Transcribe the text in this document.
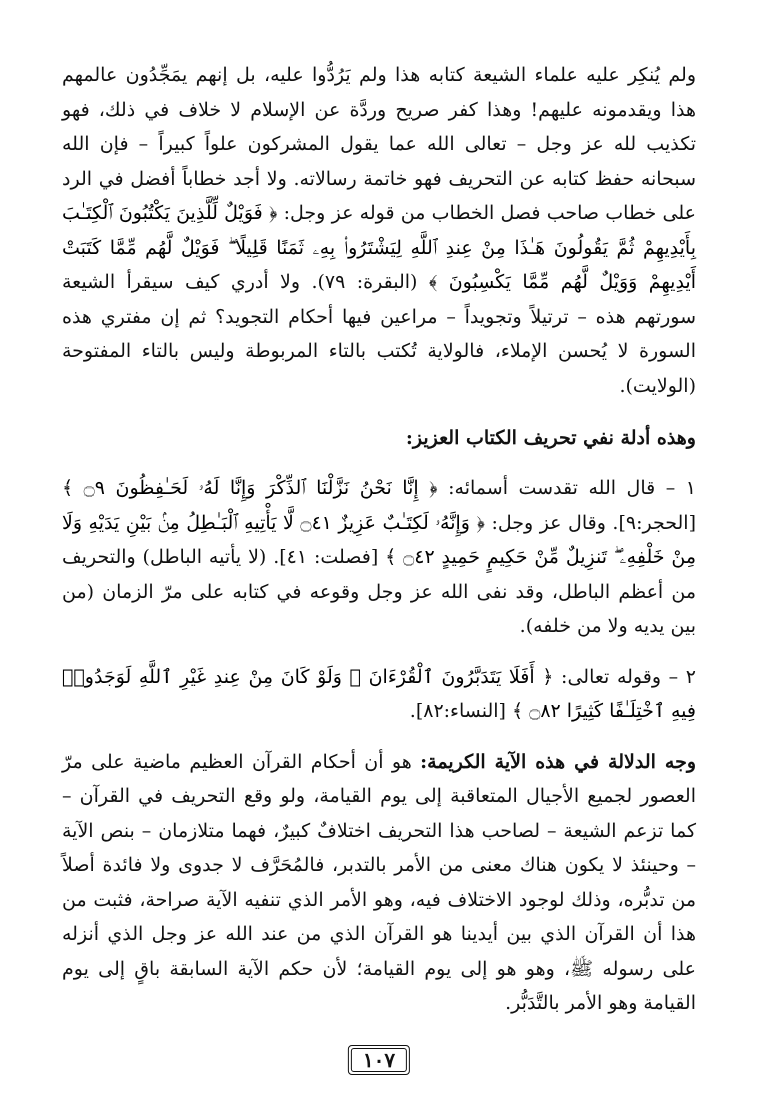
ولم يُنكِر عليه علماء الشيعة كتابه هذا ولم يَرُدُّوا عليه، بل إنهم يمَجِّدُون عالمهم هذا ويقدمونه عليهم! وهذا كفر صريح وردَّة عن الإسلام لا خلاف في ذلك، فهو تكذيب لله عز وجل – تعالى الله عما يقول المشركون علواً كبيراً – فإن الله سبحانه حفظ كتابه عن التحريف فهو خاتمة رسالاته. ولا أجد خطاباً أفضل في الرد على خطاب صاحب فصل الخطاب من قوله عز وجل: ﴿ فَوَيْلٌ لِّلَّذِينَ يَكْتُبُونَ ٱلْكِتَـٰبَ بِأَيْدِيهِمْ ثُمَّ يَقُولُونَ هَـٰذَا مِنْ عِندِ ٱللَّهِ لِيَشْتَرُوا۟ بِهِۦ ثَمَنًا قَلِيلًا ۖ فَوَيْلٌ لَّهُم مِّمَّا كَتَبَتْ أَيْدِيهِمْ وَوَيْلٌ لَّهُم مِّمَّا يَكْسِبُونَ ﴾ (البقرة: ٧٩). ولا أدري كيف سيقرأ الشيعة سورتهم هذه – ترتيلاً وتجويداً – مراعين فيها أحكام التجويد؟ ثم إن مفتري هذه السورة لا يُحسن الإملاء، فالولاية تُكتب بالتاء المربوطة وليس بالتاء المفتوحة (الولايت).

وهذه أدلة نفي تحريف الكتاب العزيز:

١ – قال الله تقدست أسمائه: ﴿ إِنَّا نَحْنُ نَزَّلْنَا ٱلذِّكْرَ وَإِنَّا لَهُۥ لَحَـٰفِظُونَ ۝٩ ﴾ [الحجر:٩]. وقال عز وجل: ﴿ وَإِنَّهُۥ لَكِتَـٰبٌ عَزِيزٌ ۝٤١ لَّا يَأْتِيهِ ٱلْبَـٰطِلُ مِنۢ بَيْنِ يَدَيْهِ وَلَا مِنْ خَلْفِهِۦ ۖ تَنزِيلٌ مِّنْ حَكِيمٍ حَمِيدٍ ۝٤٢ ﴾ [فصلت: ٤١]. (لا يأتيه الباطل) والتحريف من أعظم الباطل، وقد نفى الله عز وجل وقوعه في كتابه على مرّ الزمان (من بين يديه ولا من خلفه).

٢ – وقوله تعالى: ﴿ أَفَلَا يَتَدَبَّرُونَ ٱلْقُرْءَانَ ۚ وَلَوْ كَانَ مِنْ عِندِ غَيْرِ ٱللَّهِ لَوَجَدُوا۟ فِيهِ ٱخْتِلَـٰفًا كَثِيرًا ۝٨٢ ﴾ [النساء:٨٢].

وجه الدلالة في هذه الآية الكريمة: هو أن أحكام القرآن العظيم ماضية على مرّ العصور لجميع الأجيال المتعاقبة إلى يوم القيامة، ولو وقع التحريف في القرآن – كما تزعم الشيعة – لصاحب هذا التحريف اختلافٌ كبيرٌ، فهما متلازمان – بنص الآية – وحينئذ لا يكون هناك معنى من الأمر بالتدبر، فالمُحَرَّف لا جدوى ولا فائدة أصلاً من تدبُّره، وذلك لوجود الاختلاف فيه، وهو الأمر الذي تنفيه الآية صراحة، فثبت من هذا أن القرآن الذي بين أيدينا هو القرآن الذي من عند الله عز وجل الذي أنزله على رسوله ﷺ، وهو هو إلى يوم القيامة؛ لأن حكم الآية السابقة باقٍ إلى يوم القيامة وهو الأمر بالتَّدَبُّر.

١٠٧
